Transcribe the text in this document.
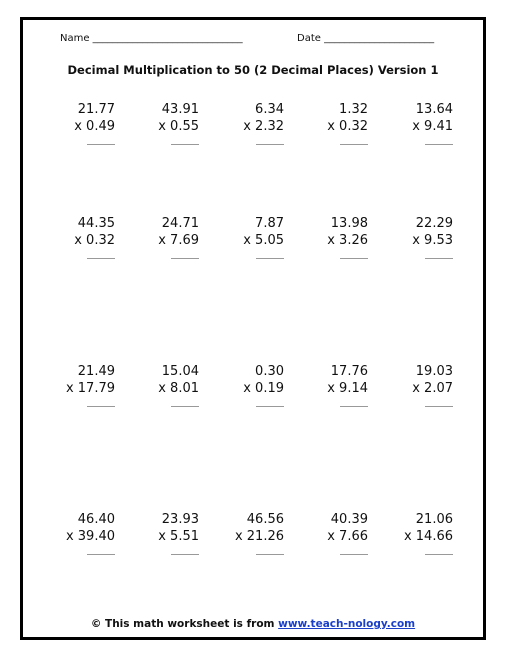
Name ______________________________	Date ______________________
Decimal Multiplication to 50 (2 Decimal Places) Version 1
21.77
x 0.49
43.91
x 0.55
6.34
x 2.32
1.32
x 0.32
13.64
x 9.41
44.35
x 0.32
24.71
x 7.69
7.87
x 5.05
13.98
x 3.26
22.29
x 9.53
21.49
x 17.79
15.04
x 8.01
0.30
x 0.19
17.76
x 9.14
19.03
x 2.07
46.40
x 39.40
23.93
x 5.51
46.56
x 21.26
40.39
x 7.66
21.06
x 14.66
© This math worksheet is from www.teach-nology.com
